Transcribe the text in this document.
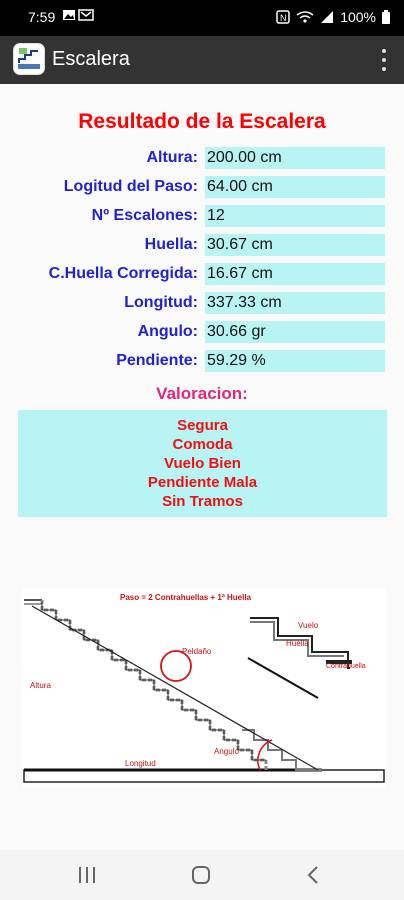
7:59	N	100%
Escalera
Resultado de la Escalera
Altura: 200.00 cm
Logitud del Paso: 64.00 cm
Nº Escalones: 12
Huella: 30.67 cm
C.Huella Corregida: 16.67 cm
Longitud: 337.33 cm
Angulo: 30.66 gr
Pendiente: 59.29 %
Valoracion:
Segura
Comoda
Vuelo Bien
Pendiente Mala
Sin Tramos
Paso = 2 Contrahuellas + 1ª Huella
Peldaño
Altura
Angulo
Longitud
Vuelo
Huella
Contrahuella
